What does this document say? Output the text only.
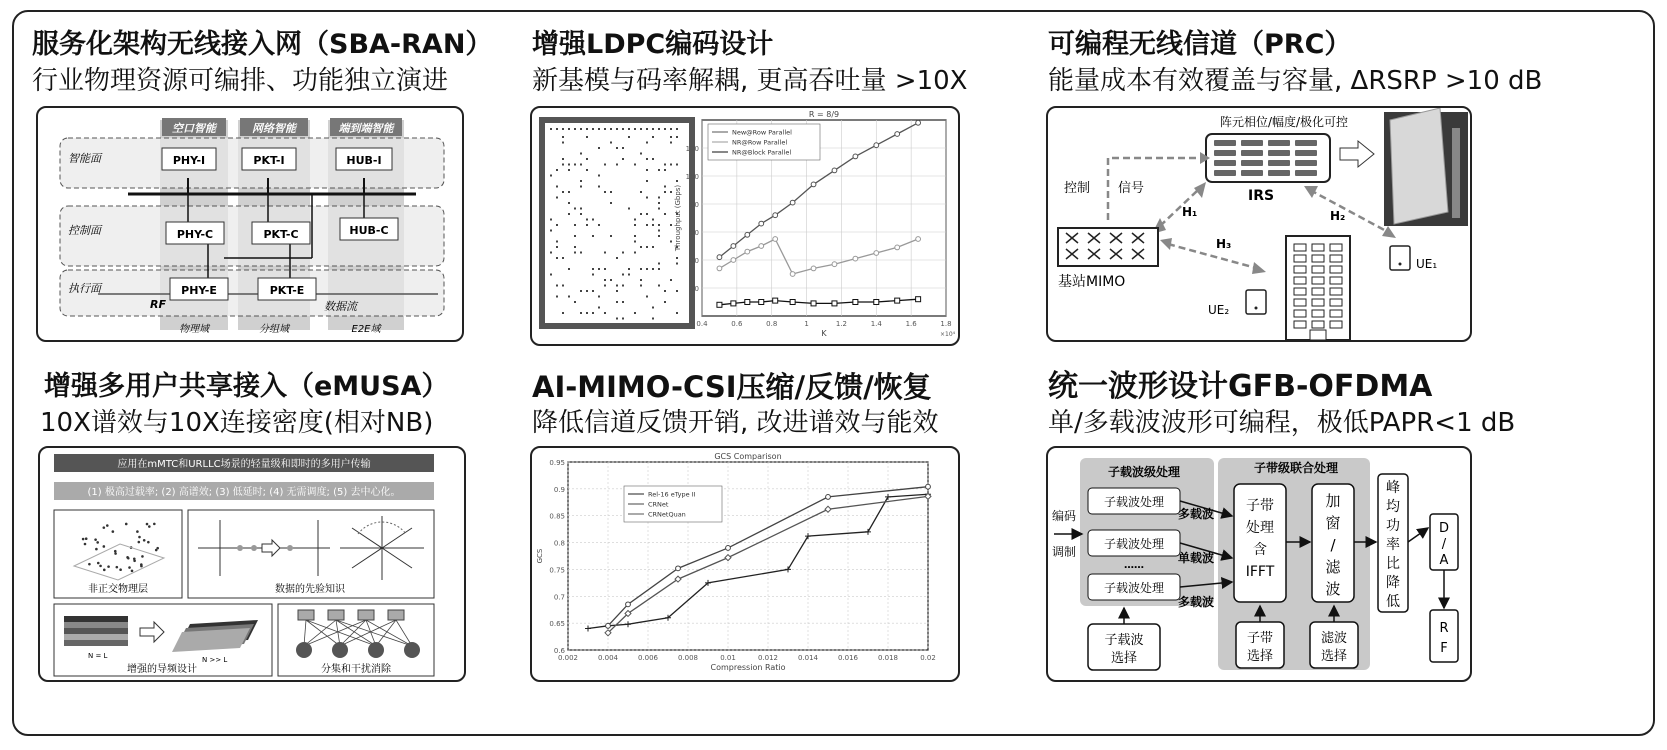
服务化架构无线接入网（SBA-RAN）
行业物理资源可编排、功能独立演进
空口智能	网络智能	端到端智能
智能面
控制面
执行面
PHY-I	PKT-I	HUB-I
PHY-C	PKT-C	HUB-C
PHY-E	PKT-E
RF	数据流
物理域	分组域	E2E域
增强LDPC编码设计
新基模与码率解耦, 更高吞吐量 >10X
0.4	0.6	0.8	1	1.2	1.4	1.6	1.8
20
40
60
80
100
120
R = 8/9
K
Throughput (Gbps)
×10⁴
New@Row Parallel
NR@Row Parallel
NR@Block Parallel
可编程无线信道（PRC）
能量成本有效覆盖与容量, ΔRSRP >10 dB
阵元相位/幅度/极化可控
IRS
控制 信号
H₁	H₂
H₃
基站MIMO
UE₁
UE₂
增强多用户共享接入（eMUSA）
10X谱效与10X连接密度(相对NB)
应用在mMTC和URLLC场景的轻量级和即时的多用户传输
(1) 极高过载率; (2) 高谱效; (3) 低延时; (4) 无需调度; (5) 去中心化。
非正交物理层	数据的先验知识
N = L	N >> L
增强的导频设计	分集和干扰消除
AI-MIMO-CSI压缩/反馈/恢复
降低信道反馈开销, 改进谱效与能效
0.002	0.004	0.006	0.008	0.01	0.012	0.014	0.016	0.018	0.02
0.6
0.65
0.7
0.75
0.8
0.85
0.9
0.95
GCS Comparison
Compression Ratio
GCS
Rel-16 eType II
CRNet
CRNetQuan
统一波形设计GFB-OFDMA
单/多载波波形可编程，极低PAPR<1 dB
子载波级处理	子带级联合处理
编码
调制
子载波处理
子载波处理
子载波处理
……
多载波
单载波
多载波
子带
处理
含
IFFT
加
窗
/
滤
波
峰
均
功
率
比
降
低
D
/
A
R
F
子载波
选择
子带
选择
滤波
选择
